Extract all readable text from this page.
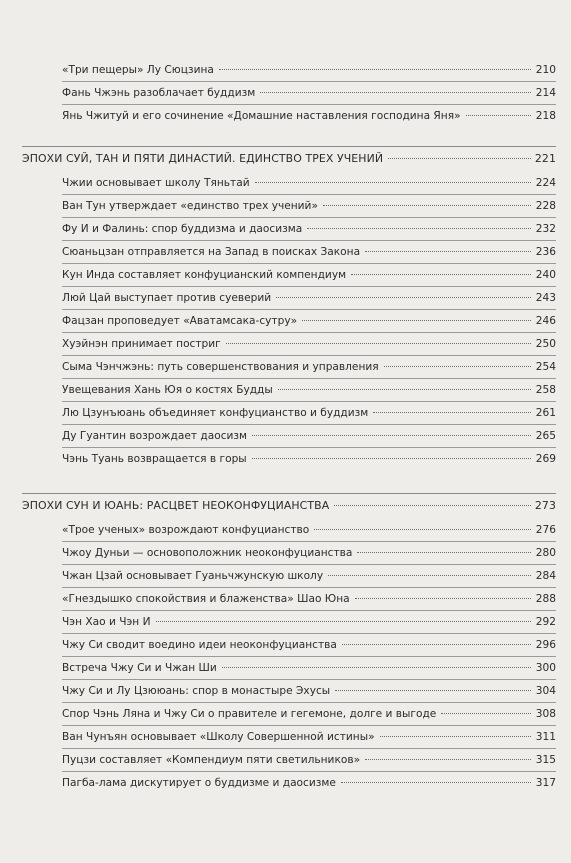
«Три пещеры» Лу Сюцзина	210
Фань Чжэнь разоблачает буддизм	214
Янь Чжитуй и его сочинение «Домашние наставления господина Яня»	218
ЭПОХИ СУЙ, ТАН И ПЯТИ ДИНАСТИЙ. ЕДИНСТВО ТРЕХ УЧЕНИЙ	221
Чжии основывает школу Тяньтай	224
Ван Тун утверждает «единство трех учений»	228
Фу И и Фалинь: спор буддизма и даосизма	232
Сюаньцзан отправляется на Запад в поисках Закона	236
Кун Инда составляет конфуцианский компендиум	240
Люй Цай выступает против суеверий	243
Фацзан проповедует «Аватамсака-сутру»	246
Хуэйнэн принимает постриг	250
Сыма Чэнчжэнь: путь совершенствования и управления	254
Увещевания Хань Юя о костях Будды	258
Лю Цзунъюань объединяет конфуцианство и буддизм	261
Ду Гуантин возрождает даосизм	265
Чэнь Туань возвращается в горы	269
ЭПОХИ СУН И ЮАНЬ: РАСЦВЕТ НЕОКОНФУЦИАНСТВА	273
«Трое ученых» возрождают конфуцианство	276
Чжоу Дуньи — основоположник неоконфуцианства	280
Чжан Цзай основывает Гуаньчжунскую школу	284
«Гнездышко спокойствия и блаженства» Шао Юна	288
Чэн Хао и Чэн И	292
Чжу Си сводит воедино идеи неоконфуцианства	296
Встреча Чжу Си и Чжан Ши	300
Чжу Си и Лу Цзююань: спор в монастыре Эхусы	304
Спор Чэнь Ляна и Чжу Си о правителе и гегемоне, долге и выгоде	308
Ван Чунъян основывает «Школу Совершенной истины»	311
Пуцзи составляет «Компендиум пяти светильников»	315
Пагба-лама дискутирует о буддизме и даосизме	317
